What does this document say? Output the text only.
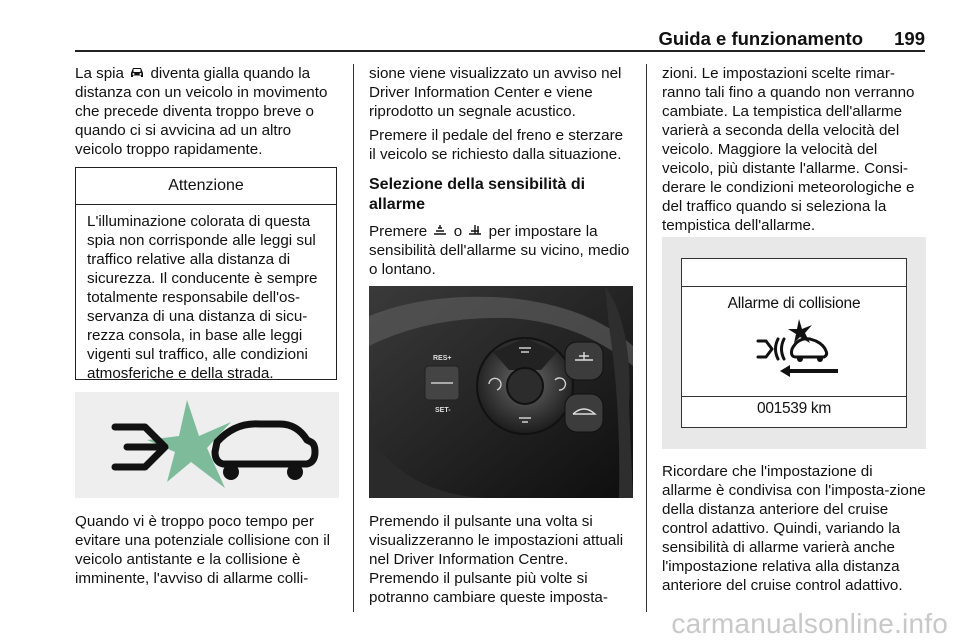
Guida e funzionamento 199

La spia diventa gialla quando la distanza con un veicolo in movimento che precede diventa troppo breve o quando ci si avvicina ad un altro veicolo troppo rapidamente.

Attenzione
L'illuminazione colorata di questa spia non corrisponde alle leggi sul traffico relative alla distanza di sicurezza. Il conducente è sempre totalmente responsabile dell'os-servanza di una distanza di sicu-rezza consola, in base alle leggi vigenti sul traffico, alle condizioni atmosferiche e della strada.
Quando vi è troppo poco tempo per evitare una potenziale collisione con il veicolo antistante e la collisione è imminente, l'avviso di allarme colli-
sione viene visualizzato un avviso nel Driver Information Center e viene riprodotto un segnale acustico.
Premere il pedale del freno e sterzare il veicolo se richiesto dalla situazione.
Selezione della sensibilità di allarme
Premere o per impostare la sensibilità dell'allarme su vicino, medio o lontano.
RES+
SET-
Premendo il pulsante una volta si visualizzeranno le impostazioni attuali nel Driver Information Centre. Premendo il pulsante più volte si potranno cambiare queste imposta-
zioni. Le impostazioni scelte rimar-ranno tali fino a quando non verranno cambiate. La tempistica dell'allarme varierà a seconda della velocità del veicolo. Maggiore la velocità del veicolo, più distante l'allarme. Consi-derare le condizioni meteorologiche e del traffico quando si seleziona la tempistica dell'allarme.
Allarme di collisione
001539 km
Ricordare che l'impostazione di allarme è condivisa con l'imposta-zione della distanza anteriore del cruise control adattivo. Quindi, variando la sensibilità di allarme varierà anche l'impostazione relativa alla distanza anteriore del cruise control adattivo.
carmanualsonline.info
